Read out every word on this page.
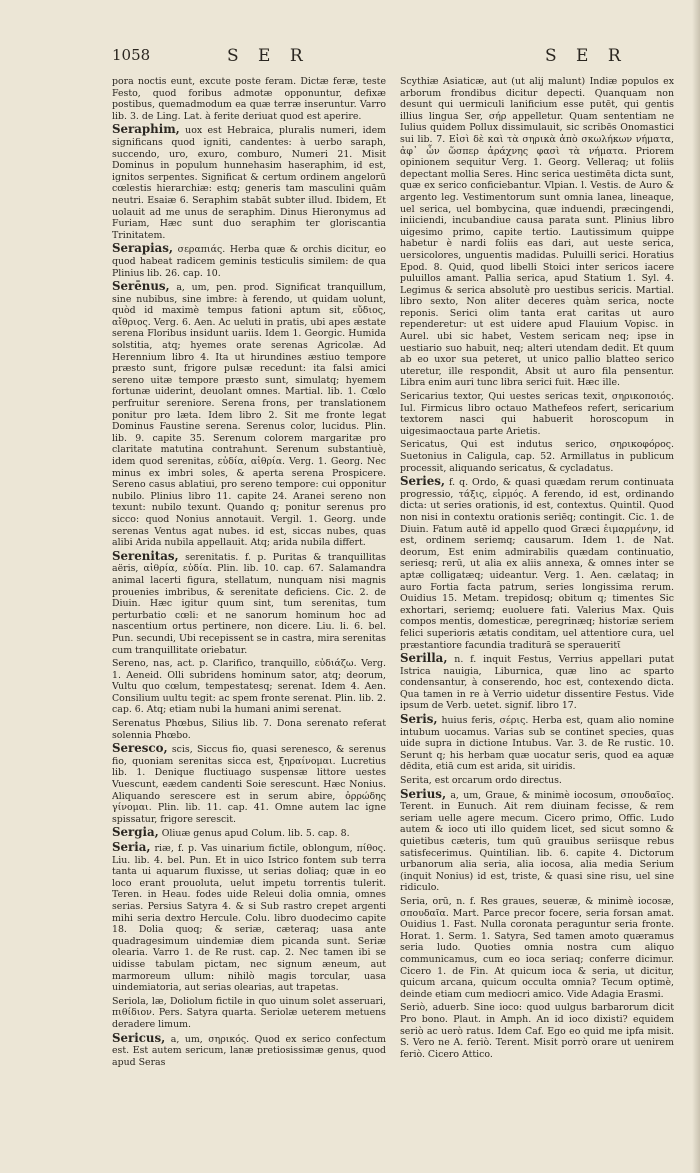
1058	S E R	S E R

pora noctis eunt, excute poste feram. Dictæ feræ, teste Festo, quod foribus admotæ opponuntur, defixæ postibus, quemadmodum ea quæ terræ inseruntur. Varro lib. 3. de Ling. Lat. à ferite deriuat quod est aperire.

Seraphim, uox est Hebraica, pluralis numeri, idem significans quod igniti, candentes: à uerbo saraph, succendo, uro, exuro, comburo, Numeri 21. Misit Dominus in populum hunnehasim haseraphim, id est, ignitos serpentes. Significat & certum ordinem angelorū cœlestis hierarchiæ: estq; generis tam masculini quām neutri. Esaiæ 6. Seraphim stabāt subter illud. Ibidem, Et uolauit ad me unus de seraphim. Dinus Hieronymus ad Furiam, Hæc sunt duo seraphim ter gloriscantia Trinitatem.

Serapias, σεραπιάς. Herba quæ & orchis dicitur, eo quod habeat radicem geminis testiculis similem: de qua Plinius lib. 26. cap. 10.

Serēnus, a, um, pen. prod. Significat tranquillum, sine nubibus, sine imbre: à ferendo, ut quidam uolunt, quòd id maximè tempus fationi aptum sit, εὔδιος, αἴθριος. Verg. 6. Aen. Ac ueluti in pratis, ubi apes æstate serena Floribus insidunt uariis. Idem 1. Georgic. Humida solstitia, atq; hyemes orate serenas Agricolæ. Ad Herennium libro 4. Ita ut hirundines æstiuo tempore præsto sunt, frigore pulsæ recedunt: ita falsi amici sereno uitæ tempore præsto sunt, simulatq; hyemem fortunæ uiderint, deuolant omnes. Martial. lib. 1. Cœlo perfruitur sereniore. Serena frons, per translationem ponitur pro læta. Idem libro 2. Sit me fronte legat Dominus Faustine serena. Serenus color, lucidus. Plin. lib. 9. capite 35. Serenum colorem margaritæ pro claritate matutina contrahunt. Serenum substantiuè, idem quod serenitas, εὐδία, αἰθρία. Verg. 1. Georg. Nec minus ex imbri soles, & aperta serena Prospicere. Sereno casus ablatiui, pro sereno tempore: cui opponitur nubilo. Plinius libro 11. capite 24. Aranei sereno non texunt: nubilo texunt. Quando q; ponitur serenus pro sicco: quod Nonius annotauit. Vergil. 1. Georg. unde serenas Ventus agat nubes. id est, siccas nubes, quas alibi Arida nubila appellauit. Atq; arida nubila differt.

Serenitas, serenitatis. f. p. Puritas & tranquillitas aëris, αἰθρία, εὐδία. Plin. lib. 10. cap. 67. Salamandra animal lacerti figura, stellatum, nunquam nisi magnis prouenies imbribus, & serenitate deficiens. Cic. 2. de Diuin. Hæc igitur quum sint, tum serenitas, tum perturbatio cœli: et ne sanorum hominum hoc ad nascentium ortus pertinere, non dicere. Liu. li. 6. bel. Pun. secundi, Ubi recepissent se in castra, mira serenitas cum tranquillitate oriebatur.

Sereno, nas, act. p. Clarifico, tranquillo, εὐδιάζω. Verg. 1. Aeneid. Olli subridens hominum sator, atq; deorum, Vultu quo cœlum, tempestatesq; serenat. Idem 4. Aen. Consilium uultu tegit: ac spem fronte serenat. Plin. lib. 2. cap. 6. Atq; etiam nubi la humani animi serenat.

Serenatus Phœbus, Silius lib. 7. Dona serenato referat solennia Phœbo.

Seresco, scis, Siccus fio, quasi serenesco, & serenus fio, quoniam serenitas sicca est, ξηραίνομαι. Lucretius lib. 1. Denique fluctiuago suspensæ littore uestes Vuescunt, eædem candenti Soie serescunt. Hæc Nonius. Aliquando serescere est in serum abire, ὀρρώδης γίνομαι. Plin. lib. 11. cap. 41. Omne autem lac igne spissatur, frigore serescit.

Sergia, Oliuæ genus apud Colum. lib. 5. cap. 8.

Seria, riæ, f. p. Vas uinarium fictile, oblongum, πίθος. Liu. lib. 4. bel. Pun. Et in uico Istrico fontem sub terra tanta ui aquarum fluxisse, ut serias doliaq; quæ in eo loco erant prouoluta, uelut impetu torrentis tulerit. Teren. in Heau. fodes uide Releui dolia omnia, omnes serias. Persius Satyra 4. & si Sub rastro crepet argenti mihi seria dextro Hercule. Colu. libro duodecimo capite 18. Dolia quoq; & seriæ, cæteraq; uasa ante quadragesimum uindemiæ diem picanda sunt. Seriæ olearia. Varro 1. de Re rust. cap. 2. Nec tamen ibi se uidisse tabulam pictam, nec signum æneum, aut marmoreum ullum: nihilò magis torcular, uasa uindemiatoria, aut serias olearias, aut trapetas.

Seriola, læ, Doliolum fictile in quo uinum solet asseruari, πιθίδιον. Pers. Satyra quarta. Seriolæ ueterem metuens deradere limum.

Sericus, a, um, σηρικός. Quod ex serico confectum est. Est autem sericum, lanæ pretiosissimæ genus, quod apud Seras

Scythiæ Asiaticæ, aut (ut alij malunt) Indiæ populos ex arborum frondibus dicitur depecti. Quanquam non desunt qui uermiculi lanificium esse putēt, qui gentis illius lingua Ser, σήρ appelletur. Quam sententiam ne Iulius quidem Pollux dissimulauit, sic scribēs Onomastici sui lib. 7. Εἰσὶ δὲ καὶ τὰ σηρικὰ ἀπὸ σκωλήκων νήματα, ἀφ᾽ ὧν ὥσπερ ἀράχνης φασὶ τὰ νήματα. Priorem opinionem sequitur Verg. 1. Georg. Velleraq; ut foliis depectant mollia Seres. Hinc serica uestimēta dicta sunt, quæ ex serico conficiebantur. Vlpian. l. Vestis. de Auro & argento leg. Vestimentorum sunt omnia lanea, lineaque, uel serica, uel bombycina, quæ induendi, præcingendi, iniiciendi, incubandiue causa parata sunt. Plinius libro uigesimo primo, capite tertio. Lautissimum quippe habetur è nardi foliis eas dari, aut ueste serica, uersicolores, unguentis madidas. Puluilli serici. Horatius Epod. 8. Quid, quod libelli Stoici inter sericos iacere puluillos amant. Pallia serica, apud Statium 1. Syl. 4. Legimus & serica absolutè pro uestibus sericis. Martial. libro sexto, Non aliter deceres quàm serica, nocte reponis. Serici olim tanta erat caritas ut auro rependeretur: ut est uidere apud Flauium Vopisc. in Aurel. ubi sic habet, Vestem sericam neq; ipse in uestiario suo habuit, neq; alteri utendam dedit. Et quum ab eo uxor sua peteret, ut unico pallio blatteo serico uteretur, ille respondit, Absit ut auro fila pensentur. Libra enim auri tunc libra serici fuit. Hæc ille.

Sericarius textor, Qui uestes sericas texit, σηρικοποιός. Iul. Firmicus libro octauo Mathefeos refert, sericarium textorem nasci qui habuerit horoscopum in uigesimaoctaua parte Arietis.

Sericatus, Qui est indutus serico, σηρικοφόρος. Suetonius in Caligula, cap. 52. Armillatus in publicum processit, aliquando sericatus, & cycladatus.

Series, f. q. Ordo, & quasi quædam rerum continuata progressio, τάξις, εἱρμός. A ferendo, id est, ordinando dicta: ut series orationis, id est, contextus. Quintil. Quod non nisi in contextu orationis seriēq; contingit. Cic. 1. de Diuin. Fatum autē id appello quod Græci ἑιμαρμένην, id est, ordinem seriemq; causarum. Idem 1. de Nat. deorum, Est enim admirabilis quædam continuatio, seriesq; rerū, ut alia ex aliis annexa, & omnes inter se aptæ colligatæq; uideantur. Verg. 1. Aen. cælataq; in auro Fortia facta patrum, series longissima rerum. Ouidius 15. Metam. trepidosq; obitum q; timentes Sic exhortari, seriemq; euoluere fati. Valerius Max. Quis compos mentis, domesticæ, peregrinæq; historiæ seriem felici superioris ætatis conditam, uel attentiore cura, uel præstantiore facundia traditurā se speraueritῖ

Serilla, n. f. inquit Festus, Verrius appellari putat Istrica nauigia, Liburnica, quæ lino ac sparto condensantur, à conserendo, hoc est, contexendo dicta. Qua tamen in re à Verrio uidetur dissentire Festus. Vide ipsum de Verb. uetet. signif. libro 17.

Seris, huius feris, σέρις. Herba est, quam alio nomine intubum uocamus. Varias sub se continet species, quas uide supra in dictione Intubus. Var. 3. de Re rustic. 10. Serunt q; his herbam quæ uocatur seris, quod ea aquæ dēdita, etiā cum est arida, sit uiridis.

Serita, est orcarum ordo directus.

Serius, a, um, Graue, & minimè iocosum, σπουδαῖος. Terent. in Eunuch. Ait rem diuinam fecisse, & rem seriam uelle agere mecum. Cicero primo, Offic. Ludo autem & ioco uti illo quidem licet, sed sicut somno & quietibus cæteris, tum quū grauibus seriisque rebus satisfecerimus. Quintilian. lib. 6. capite 4. Dictorum urbanorum alia seria, alia iocosa, alia media Serium (inquit Nonius) id est, triste, & quasi sine risu, uel sine ridiculo.

Seria, orū, n. f. Res graues, seueræ, & minimè iocosæ, σπουδαῖα. Mart. Parce precor focere, seria forsan amat. Ouidius 1. Fast. Nulla coronata peraguntur seria fronte. Horat. 1. Serm. 1. Satyra, Sed tamen amoto quæramus seria ludo. Quoties omnia nostra cum aliquo communicamus, cum eo ioca seriaq; conferre dicimur. Cicero 1. de Fin. At quicum ioca & seria, ut dicitur, quicum arcana, quicum occulta omnia? Tecum optimè, deinde etiam cum mediocri amico. Vide Adagia Erasmi.

Seriò, aduerb. Sine ioco: quod uulgus barbarorum dicit Pro bono. Plaut. in Amph. An id ioco dixisti? equidem seriò ac uerò ratus. Idem Caf. Ego eo quid me ipfa misit. S. Vero ne A. feriò. Terent. Misit porrò orare ut uenirem feriò. Cicero Attico.
